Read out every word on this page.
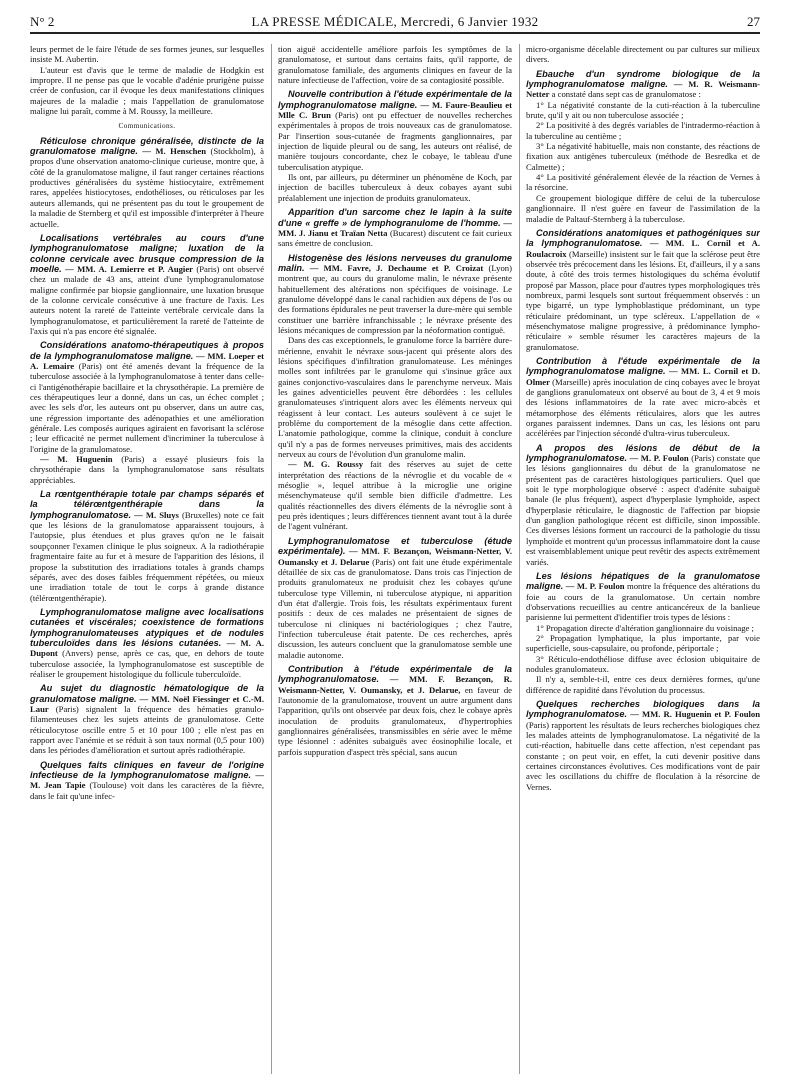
N° 2	LA PRESSE MÉDICALE, Mercredi, 6 Janvier 1932	27

leurs permet de le faire l'étude de ses formes jeunes, sur lesquelles insiste M. Aubertin.

L'auteur est d'avis que le terme de maladie de Hodgkin est impropre. Il ne pense pas que le vocable d'adénie prurigène puisse créer de confusion, car il évoque les deux manifestations cliniques majeures de la maladie ; mais l'appellation de granulomatose maligne lui paraît, comme à M. Roussy, la meilleure.

Communications.

Réticulose chronique généralisée, distincte de la granulomatose maligne. — M. Henschen (Stockholm), à propos d'une observation anatomo-clinique curieuse, montre que, à côté de la granulomatose maligne, il faut ranger certaines réactions productives généralisées du système histiocytaire, extrêmement rares, appelées histiocytoses, endothélioses, ou réticuloses par les auteurs allemands, qui ne présentent pas du tout le groupement de la maladie de Sternberg et qu'il est impossible d'interpréter à l'heure actuelle.

Localisations vertébrales au cours d'une lymphogranulomatose maligne; luxation de la colonne cervicale avec brusque compression de la moelle. — MM. A. Lemierre et P. Augier (Paris) ont observé chez un malade de 43 ans, atteint d'une lymphogranulomatose maligne confirmée par biopsie ganglionnaire, une luxation brusque de la colonne cervicale consécutive à une fracture de l'axis. Les auteurs notent la rareté de l'atteinte vertébrale cervicale dans la lymphogranulomatose, et particulièrement la rareté de l'atteinte de l'axis qui n'a pas encore été signalée.

Considérations anatomo-thérapeutiques à propos de la lymphogranulomatose maligne. — MM. Loeper et A. Lemaire (Paris) ont été amenés devant la fréquence de la tuberculose associée à la lymphogranulomatose à tenter dans celle-ci l'antigénothérapie bacillaire et la chrysothérapie. La première de ces thérapeutiques leur a donné, dans un cas, un échec complet ; avec les sels d'or, les auteurs ont pu observer, dans un autre cas, une régression importante des adénopathies et une amélioration générale. Les composés auriques agiraient en favorisant la sclérose ; leur efficacité ne permet nullement d'incriminer la tuberculose à l'origine de la granulomatose.

— M. Huguenin (Paris) a essayé plusieurs fois la chrysothérapie dans la lymphogranulomatose sans résultats appréciables.

La rœntgenthérapie totale par champs séparés et la télérœntgenthérapie dans la lymphogranulomatose. — M. Sluys (Bruxelles) note ce fait que les lésions de la granulomatose apparaissent toujours, à l'autopsie, plus étendues et plus graves qu'on ne le faisait soupçonner l'examen clinique le plus soigneux. A la radiothérapie fragmentaire faite au fur et à mesure de l'apparition des lésions, il propose la substitution des irradiations totales à grands champs séparés, avec des doses faibles fréquemment répétées, ou mieux une irradiation totale de tout le corps à grande distance (télérœntgenthérapie).

Lymphogranulomatose maligne avec localisations cutanées et viscérales; coexistence de formations lymphogranulomateuses atypiques et de nodules tuberculoïdes dans les lésions cutanées. — M. A. Dupont (Anvers) pense, après ce cas, que, en dehors de toute tuberculose associée, la lymphogranulomatose est susceptible de réaliser le groupement histologique du follicule tuberculoïde.

Au sujet du diagnostic hématologique de la granulomatose maligne. — MM. Noël Fiessinger et C.-M. Laur (Paris) signalent la fréquence des hématies granulo-filamenteuses chez les sujets atteints de granulomatose. Cette réticulocytose oscille entre 5 et 10 pour 100 ; elle n'est pas en rapport avec l'anémie et se réduit à son taux normal (0,5 pour 100) dans les périodes d'amélioration et surtout après radiothérapie.

Quelques faits cliniques en faveur de l'origine infectieuse de la lymphogranulomatose maligne. — M. Jean Tapie (Toulouse) voit dans les caractères de la fièvre, dans le fait qu'une infec-

tion aiguë accidentelle améliore parfois les symptômes de la granulomatose, et surtout dans certains faits, qu'il rapporte, de granulomatose familiale, des arguments cliniques en faveur de la nature infectieuse de l'affection, voire de sa contagiosité possible.

Nouvelle contribution à l'étude expérimentale de la lymphogranulomatose maligne. — M. Faure-Beaulieu et Mlle C. Brun (Paris) ont pu effectuer de nouvelles recherches expérimentales à propos de trois nouveaux cas de granulomatose. Par l'insertion sous-cutanée de fragments ganglionnaires, par injection de liquide pleural ou de sang, les auteurs ont réalisé, de manière toujours concordante, chez le cobaye, le tableau d'une tuberculisation atypique.

Ils ont, par ailleurs, pu déterminer un phénomène de Koch, par injection de bacilles tuberculeux à deux cobayes ayant subi préalablement une injection de produits granulomateux.

Apparition d'un sarcome chez le lapin à la suite d'une « greffe » de lymphogranulome de l'homme. — MM. J. Jianu et Traïan Netta (Bucarest) discutent ce fait curieux sans émettre de conclusion.

Histogenèse des lésions nerveuses du granulome malin. — MM. Favre, J. Dechaume et P. Croizat (Lyon) montrent que, au cours du granulome malin, le névraxe présente habituellement des altérations non spécifiques de voisinage. Le granulome développé dans le canal rachidien aux dépens de l'os ou des formations épidurales ne peut traverser la dure-mère qui semble constituer une barrière infranchissable ; le névraxe présente des lésions mécaniques de compression par la néoformation contiguë.

Dans des cas exceptionnels, le granulome force la barrière dure-mérienne, envahit le névraxe sous-jacent qui présente alors des lésions spécifiques d'infiltration granulomateuse. Les méninges molles sont infiltrées par le granulome qui s'insinue grâce aux gaines conjonctivo-vasculaires dans le parenchyme nerveux. Mais les gaines adventicielles peuvent être débordées : les cellules granulomateuses s'intriquent alors avec les éléments nerveux qui réagissent à leur contact. Les auteurs soulèvent à ce sujet le problème du comportement de la mésoglie dans cette affection. L'anatomie pathologique, comme la clinique, conduit à conclure qu'il n'y a pas de formes nerveuses primitives, mais des accidents nerveux au cours de l'évolution d'un granulome malin.

— M. G. Roussy fait des réserves au sujet de cette interprétation des réactions de la névroglie et du vocable de « mésoglie », lequel attribue à la microglie une origine mésenchymateuse qu'il semble bien difficile d'admettre. Les qualités réactionnelles des divers éléments de la névroglie sont à peu près identiques ; leurs différences tiennent avant tout à la durée de l'agent vulnérant.

Lymphogranulomatose et tuberculose (étude expérimentale). — MM. F. Bezançon, Weismann-Netter, V. Oumansky et J. Delarue (Paris) ont fait une étude expérimentale détaillée de six cas de granulomatose. Dans trois cas l'injection de produits granulomateux ne produisit chez les cobayes qu'une tuberculose type Villemin, ni tuberculose atypique, ni apparition d'un état d'allergie. Trois fois, les résultats expérimentaux furent positifs : deux de ces malades ne présentaient de signes de tuberculose ni cliniques ni bactériologiques ; chez l'autre, l'infection tuberculeuse était patente. De ces recherches, après discussion, les auteurs concluent que la granulomatose semble une maladie autonome.

Contribution à l'étude expérimentale de la lymphogranulomatose. — MM. F. Bezançon, R. Weismann-Netter, V. Oumansky, et J. Delarue, en faveur de l'autonomie de la granulomatose, trouvent un autre argument dans l'apparition, qu'ils ont observée par deux fois, chez le cobaye après inoculation de produits granulomateux, d'hypertrophies ganglionnaires généralisées, transmissibles en série avec le même type lésionnel : adénites subaiguës avec éosinophilie locale, et parfois suppuration d'aspect très spécial, sans aucun

micro-organisme décelable directement ou par cultures sur milieux divers.

Ebauche d'un syndrome biologique de la lymphogranulomatose maligne. — M. R. Weismann-Netter a constaté dans sept cas de granulomatose :

1° La négativité constante de la cuti-réaction à la tuberculine brute, qu'il y ait ou non tuberculose associée ;

2° La positivité à des degrés variables de l'intradermo-réaction à la tuberculine au centième ;

3° La négativité habituelle, mais non constante, des réactions de fixation aux antigènes tuberculeux (méthode de Besredka et de Calmette) ;

4° La positivité généralement élevée de la réaction de Vernes à la résorcine.

Ce groupement biologique diffère de celui de la tuberculose ganglionnaire. Il n'est guère en faveur de l'assimilation de la maladie de Paltauf-Sternberg à la tuberculose.

Considérations anatomiques et pathogéniques sur la lymphogranulomatose. — MM. L. Cornil et A. Roulacroix (Marseille) insistent sur le fait que la sclérose peut être observée très précocement dans les lésions. Et, d'ailleurs, il y a sans doute, à côté des trois termes histologiques du schéma évolutif proposé par Masson, place pour d'autres types morphologiques très nombreux, parmi lesquels sont surtout fréquemment observés : un type bigarré, un type lymphoblastique prédominant, un type réticulaire prédominant, un type scléreux. L'appellation de « mésenchymatose maligne progressive, à prédominance lympho-réticulaire » semble résumer les caractères majeurs de la granulomatose.

Contribution à l'étude expérimentale de la lymphogranulomatose maligne. — MM. L. Cornil et D. Olmer (Marseille) après inoculation de cinq cobayes avec le broyat de ganglions granulomateux ont observé au bout de 3, 4 et 9 mois des lésions inflammatoires de la rate avec micro-abcès et métamorphose des éléments réticulaires, alors que les autres organes paraissent indemnes. Dans un cas, les lésions ont paru accélérées par l'injection sécondé d'ultra-virus tuberculeux.

A propos des lésions de début de la lymphogranulomatose. — M. P. Foulon (Paris) constate que les lésions ganglionnaires du début de la granulomatose ne présentent pas de caractères histologiques particuliers. Quel que soit le type morphologique observé : aspect d'adénite subaiguë banale (le plus fréquent), aspect d'hyperplasie lymphoïde, aspect d'hyperplasie réticulaire, le diagnostic de l'affection par biopsie d'un ganglion pathologique récent est difficile, sinon impossible. Ces diverses lésions forment un raccourci de la pathologie du tissu lymphoïde et montrent qu'un processus inflammatoire dont la cause est vraisemblablement unique peut revêtir des aspects extrêmement variés.

Les lésions hépatiques de la granulomatose maligne. — M. P. Foulon montre la fréquence des altérations du foie au cours de la granulomatose. Un certain nombre d'observations recueillies au centre anticancéreux de la banlieue parisienne lui permettent d'identifier trois types de lésions :

1° Propagation directe d'altération ganglionnaire du voisinage ;

2° Propagation lymphatique, la plus importante, par voie superficielle, sous-capsulaire, ou profonde, périportale ;

3° Réticulo-endothéliose diffuse avec éclosion ubiquitaire de nodules granulomateux.

Il n'y a, semble-t-il, entre ces deux dernières formes, qu'une différence de rapidité dans l'évolution du processus.

Quelques recherches biologiques dans la lymphogranulomatose. — MM. R. Huguenin et P. Foulon (Paris) rapportent les résultats de leurs recherches biologiques chez les malades atteints de lymphogranulomatose. La négativité de la cuti-réaction, habituelle dans cette affection, n'est cependant pas constante ; on peut voir, en effet, la cuti devenir positive dans certaines circonstances évolutives. Ces modifications vont de pair avec les oscillations du chiffre de floculation à la résorcine de Vernes.
